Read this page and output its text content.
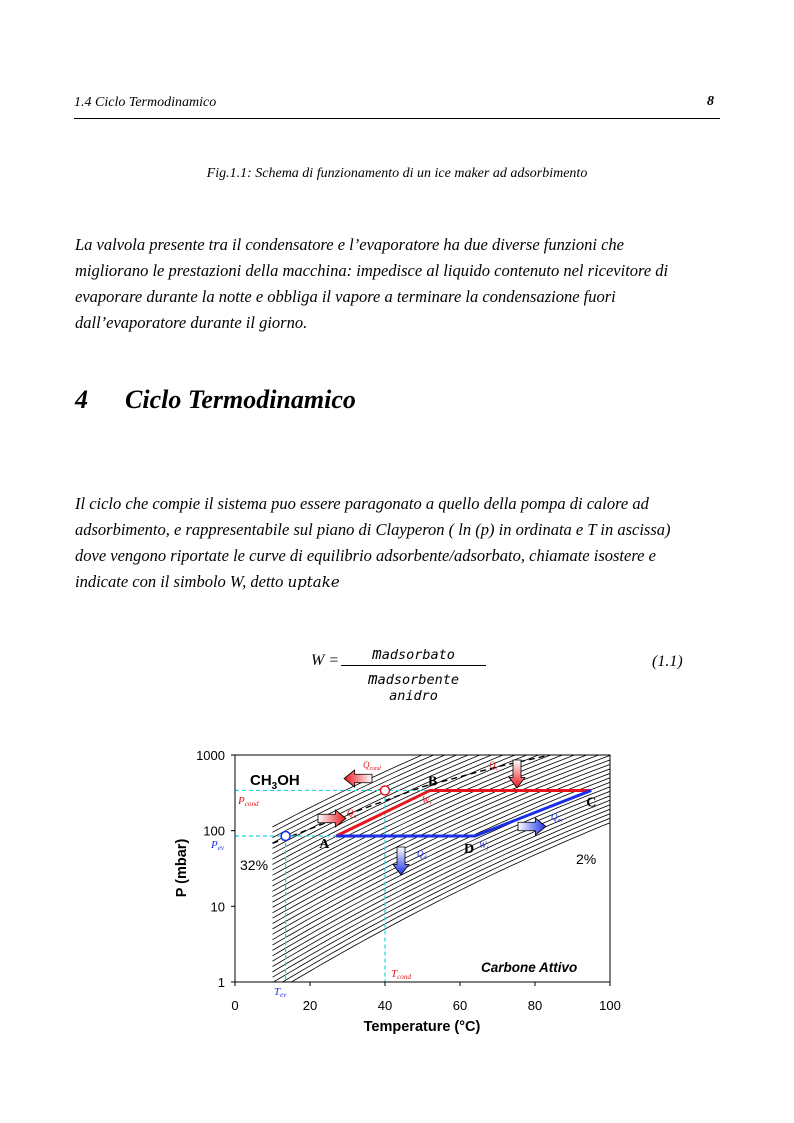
1.4 Ciclo Termodinamico	8
Fig.1.1: Schema di funzionamento di un ice maker ad adsorbimento

La valvola presente tra il condensatore e l’evaporatore ha due diverse funzioni che

migliorano le prestazioni della macchina: impedisce al liquido contenuto nel ricevitore di

evaporare durante la notte e obbliga il vapore a terminare la condensazione fuori

dall’evaporatore durante il giorno.

4 Ciclo Termodinamico

Il ciclo che compie il sistema puo essere paragonato a quello della pompa di calore ad

adsorbimento, e rappresentabile sul piano di Clayperon ( ln (p) in ordinata e T in ascissa)

dove vengono riportate le curve di equilibrio adsorbente/adsorbato, chiamate isostere e

indicate con il simbolo W, detto uptake

W =	madsorbato
madsorbente anidro
(1.1)
A
B
C
D
Pcond
Pev
Tev
Tcond
$Q_{cond}$
$Q_a$
$W_r$
$Q_c$
$Q_d$
$W_f$
$Q_{ev}$
0	20	40	60	80	100
1
10
100
1000
Temperature (°C)
P (mbar)
$CH_3OH$
Carbone Attivo
32%	2%
